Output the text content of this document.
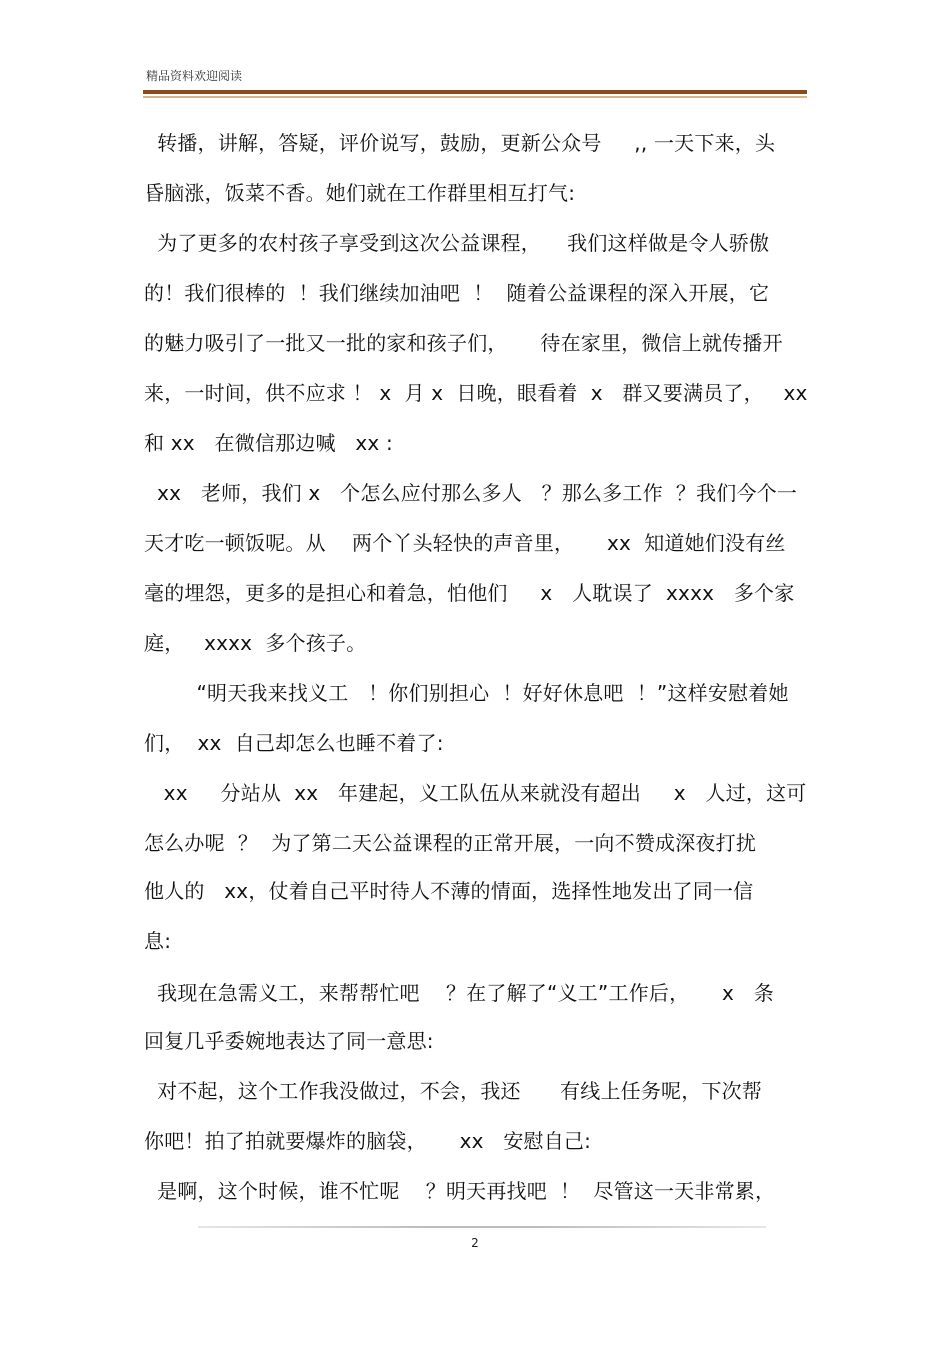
精品资料欢迎阅读
转播，讲解，答疑，评价说写，鼓励，更新公众号     ,, 一天下来，头
昏脑涨，饭菜不香。她们就在工作群里相互打气:
为了更多的农村孩子享受到这次公益课程，    我们这样做是令人骄傲
的！我们很棒的  ！我们继续加油吧  ！  随着公益课程的深入开展，它
的魅力吸引了一批又一批的家和孩子们，     待在家里，微信上就传播开
来，一时间，供不应求 ！ x  月 x  日晚，眼看着  x   群又要满员了，   xx
和 xx   在微信那边喊   xx :
xx   老师，我们 x   个怎么应付那么多人   ？那么多工作  ？我们今个一
天才吃一顿饭呢。从    两个丫头轻快的声音里，     xx  知道她们没有丝
毫的埋怨，更多的是担心和着急，怕他们     x   人耽误了  xxxx   多个家
庭，   xxxx  多个孩子。
“明天我来找义工   ！你们别担心  ！好好休息吧  ！”这样安慰着她
们，  xx  自己却怎么也睡不着了:
xx     分站从  xx   年建起，义工队伍从来就没有超出     x   人过，这可
怎么办呢  ？  为了第二天公益课程的正常开展，一向不赞成深夜打扰
他人的   xx，仗着自己平时待人不薄的情面，选择性地发出了同一信
息:
我现在急需义工，来帮帮忙吧    ？在了解了“义工”工作后，     x   条
回复几乎委婉地表达了同一意思:
对不起，这个工作我没做过，不会，我还      有线上任务呢，下次帮
你吧！拍了拍就要爆炸的脑袋，     xx   安慰自己:
是啊，这个时候，谁不忙呢    ？明天再找吧  ！  尽管这一天非常累，
2
